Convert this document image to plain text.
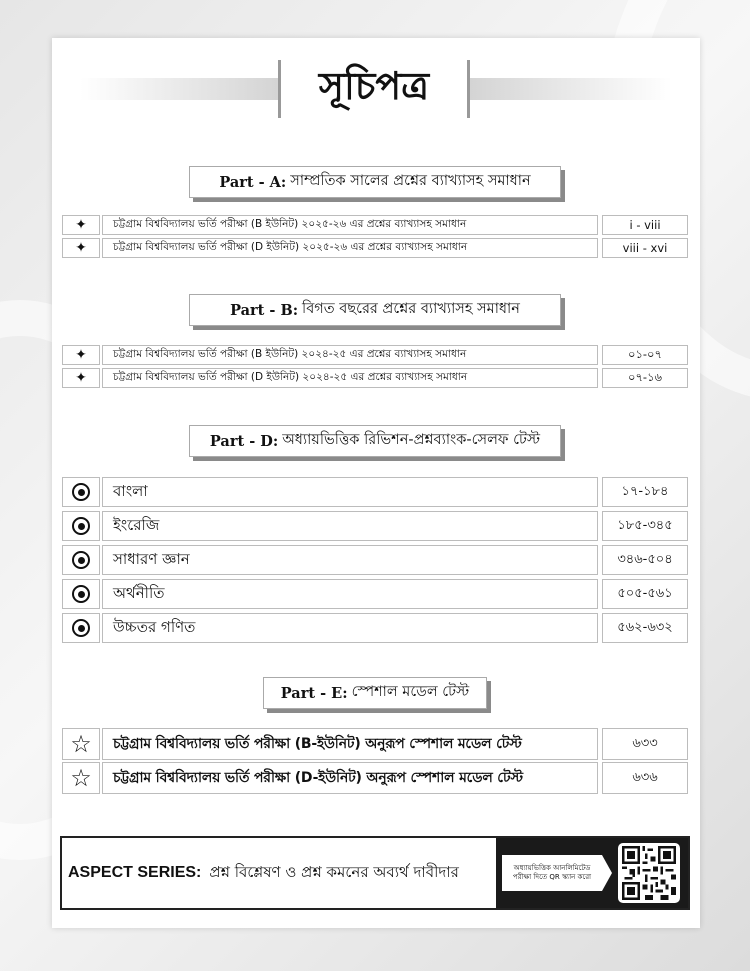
সূচিপত্র
Part - A: সাম্প্রতিক সালের প্রশ্নের ব্যাখ্যাসহ সমাধান
✦	চট্টগ্রাম বিশ্ববিদ্যালয় ভর্তি পরীক্ষা (B ইউনিট) ২০২৫-২৬ এর প্রশ্নের ব্যাখ্যাসহ সমাধান	i - viii
✦	চট্টগ্রাম বিশ্ববিদ্যালয় ভর্তি পরীক্ষা (D ইউনিট) ২০২৫-২৬ এর প্রশ্নের ব্যাখ্যাসহ সমাধান	viii - xvi
Part - B: বিগত বছরের প্রশ্নের ব্যাখ্যাসহ সমাধান
✦	চট্টগ্রাম বিশ্ববিদ্যালয় ভর্তি পরীক্ষা (B ইউনিট) ২০২৪-২৫ এর প্রশ্নের ব্যাখ্যাসহ সমাধান	০১-০৭
✦	চট্টগ্রাম বিশ্ববিদ্যালয় ভর্তি পরীক্ষা (D ইউনিট) ২০২৪-২৫ এর প্রশ্নের ব্যাখ্যাসহ সমাধান	০৭-১৬
Part - D: অধ্যায়ভিত্তিক রিভিশন-প্রশ্নব্যাংক-সেলফ টেস্ট
বাংলা	১৭-১৮৪
ইংরেজি	১৮৫-৩৪৫
সাধারণ জ্ঞান	৩৪৬-৫০৪
অর্থনীতি	৫০৫-৫৬১
উচ্চতর গণিত	৫৬২-৬৩২
Part - E: স্পেশাল মডেল টেস্ট
☆	চট্টগ্রাম বিশ্ববিদ্যালয় ভর্তি পরীক্ষা (B-ইউনিট) অনুরূপ স্পেশাল মডেল টেস্ট	৬৩৩
☆	চট্টগ্রাম বিশ্ববিদ্যালয় ভর্তি পরীক্ষা (D-ইউনিট) অনুরূপ স্পেশাল মডেল টেস্ট	৬৩৬
ASPECT SERIES: প্রশ্ন বিশ্লেষণ ও প্রশ্ন কমনের অব্যর্থ দাবীদার	অধ্যায়ভিত্তিক আনলিমিটেড পরীক্ষা দিতে QR স্ক্যান করো
